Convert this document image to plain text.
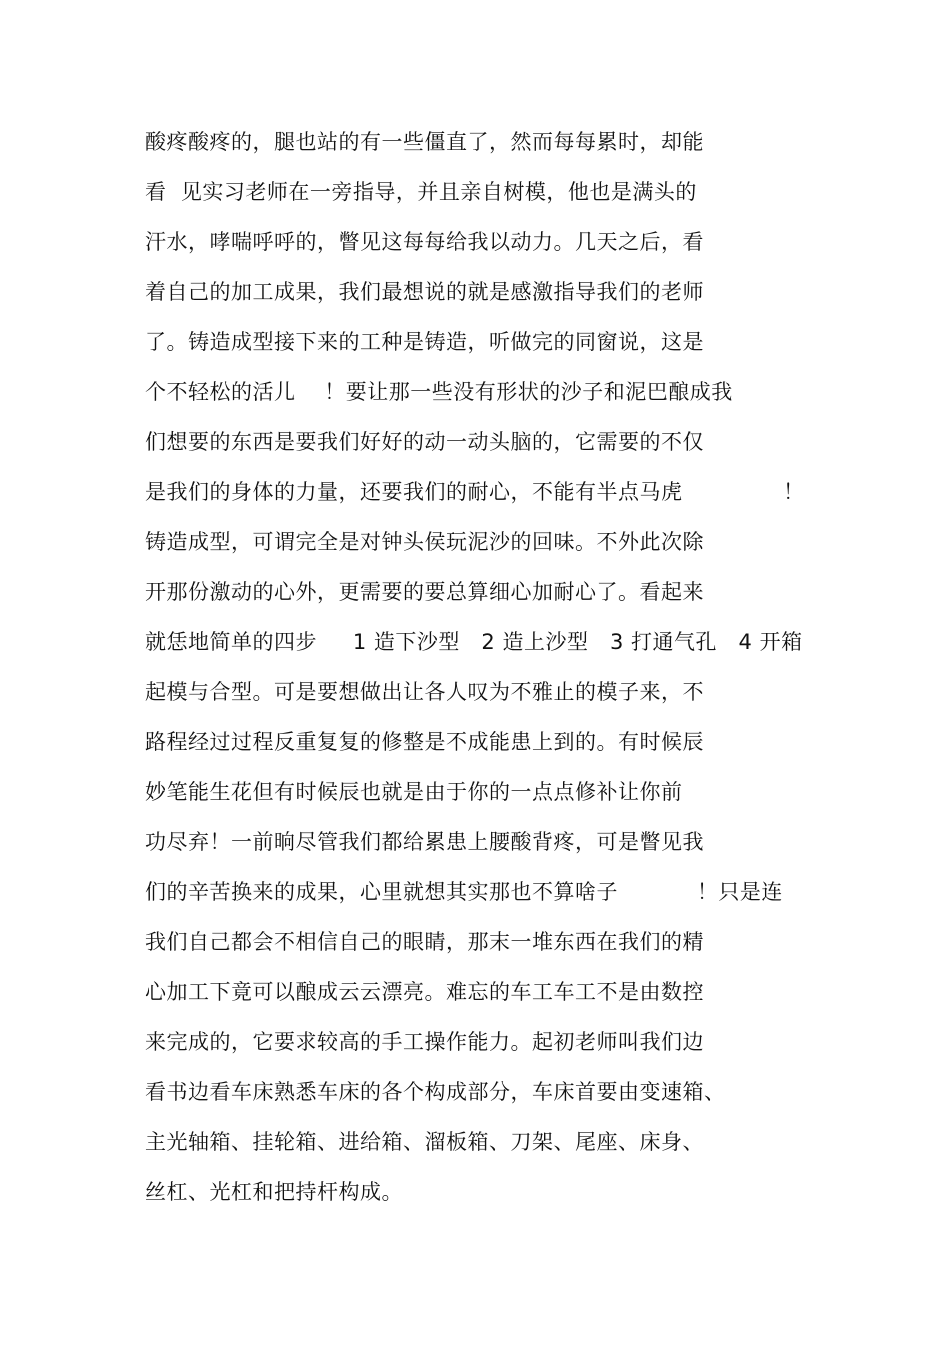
酸疼酸疼的，腿也站的有一些僵直了，然而每每累时，却能
看  见实习老师在一旁指导，并且亲自树模，他也是满头的
汗水，哮喘呼呼的，瞥见这每每给我以动力。几天之后，看
着自己的加工成果，我们最想说的就是感激指导我们的老师
了。铸造成型接下来的工种是铸造，听做完的同窗说，这是
个不轻松的活儿    ！要让那一些没有形状的沙子和泥巴酿成我
们想要的东西是要我们好好的动一动头脑的，它需要的不仅
是我们的身体的力量，还要我们的耐心，不能有半点马虎              ！
铸造成型，可谓完全是对钟头侯玩泥沙的回味。不外此次除
开那份激动的心外，更需要的要总算细心加耐心了。看起来
就恁地简单的四步     1 造下沙型   2 造上沙型   3 打通气孔   4 开箱
起模与合型。可是要想做出让各人叹为不雅止的模子来，不
路程经过过程反重复复的修整是不成能患上到的。有时候辰
妙笔能生花但有时候辰也就是由于你的一点点修补让你前
功尽弃！一前晌尽管我们都给累患上腰酸背疼，可是瞥见我
们的辛苦换来的成果，心里就想其实那也不算啥子           ！只是连
我们自己都会不相信自己的眼睛，那末一堆东西在我们的精
心加工下竟可以酿成云云漂亮。难忘的车工车工不是由数控
来完成的，它要求较高的手工操作能力。起初老师叫我们边
看书边看车床熟悉车床的各个构成部分，车床首要由变速箱、
主光轴箱、挂轮箱、进给箱、溜板箱、刀架、尾座、床身、
丝杠、光杠和把持杆构成。
